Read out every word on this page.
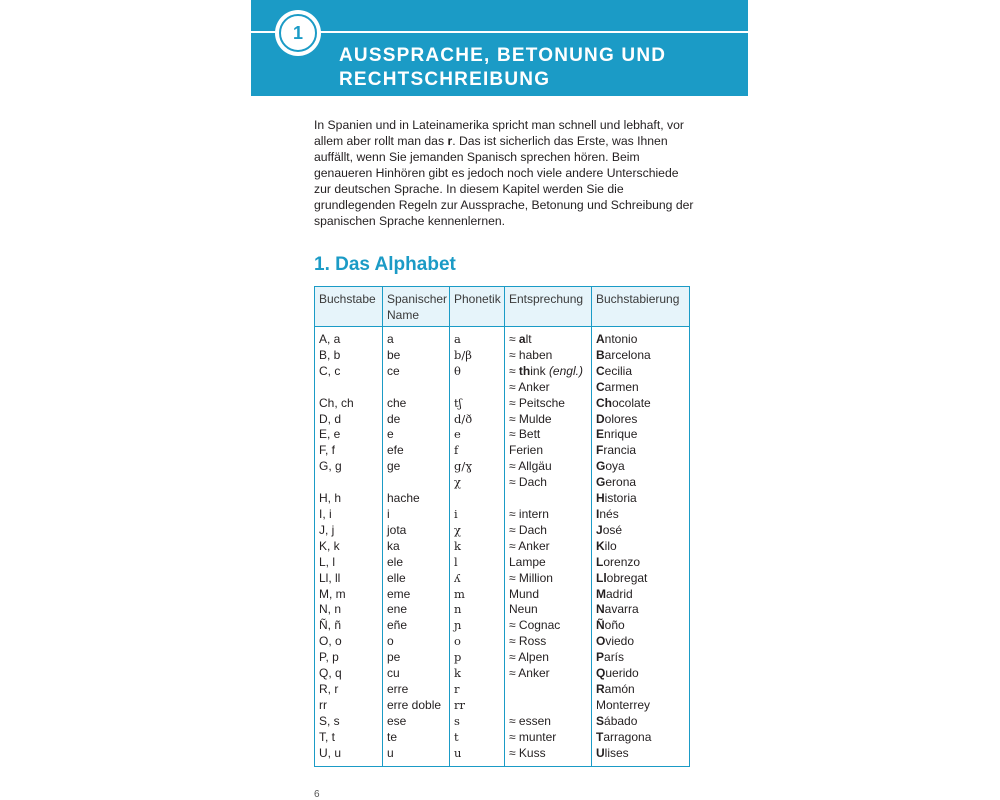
1
AUSSPRACHE, BETONUNG UND
RECHTSCHREIBUNG

In Spanien und in Lateinamerika spricht man schnell und lebhaft, vor allem aber rollt man das r. Das ist sicherlich das Erste, was Ihnen auffällt, wenn Sie jemanden Spanisch sprechen hören. Beim genaueren Hinhören gibt es jedoch noch viele andere Unterschiede zur deutschen Sprache. In diesem Kapitel werden Sie die grundlegenden Regeln zur Aussprache, Betonung und Schreibung der spanischen Sprache kennenlernen.

1. Das Alphabet
Buchstabe	Spanischer Name	Phonetik	Entsprechung	Buchstabierung
A, a	a	a	≈ alt	Antonio
B, b	be	b/β	≈ haben	Barcelona
C, c	ce	θ	≈ think (engl.)	Cecilia
			≈ Anker	Carmen
Ch, ch	che	tʃ	≈ Peitsche	Chocolate
D, d	de	d/ð	≈ Mulde	Dolores
E, e	e	e	≈ Bett	Enrique
F, f	efe	f	Ferien	Francia
G, g	ge	g/ɣ	≈ Allgäu	Goya
		χ	≈ Dach	Gerona
H, h	hache			Historia
I, i	i	i	≈ intern	Inés
J, j	jota	χ	≈ Dach	José
K, k	ka	k	≈ Anker	Kilo
L, l	ele	l	Lampe	Lorenzo
Ll, ll	elle	ʎ	≈ Million	Llobregat
M, m	eme	m	Mund	Madrid
N, n	ene	n	Neun	Navarra
Ñ, ñ	eñe	ɲ	≈ Cognac	Ñoño
O, o	o	o	≈ Ross	Oviedo
P, p	pe	p	≈ Alpen	París
Q, q	cu	k	≈ Anker	Querido
R, r	erre	r		Ramón
rr	erre doble	rr		Monterrey
S, s	ese	s	≈ essen	Sábado
T, t	te	t	≈ munter	Tarragona
U, u	u	u	≈ Kuss	Ulises
6
